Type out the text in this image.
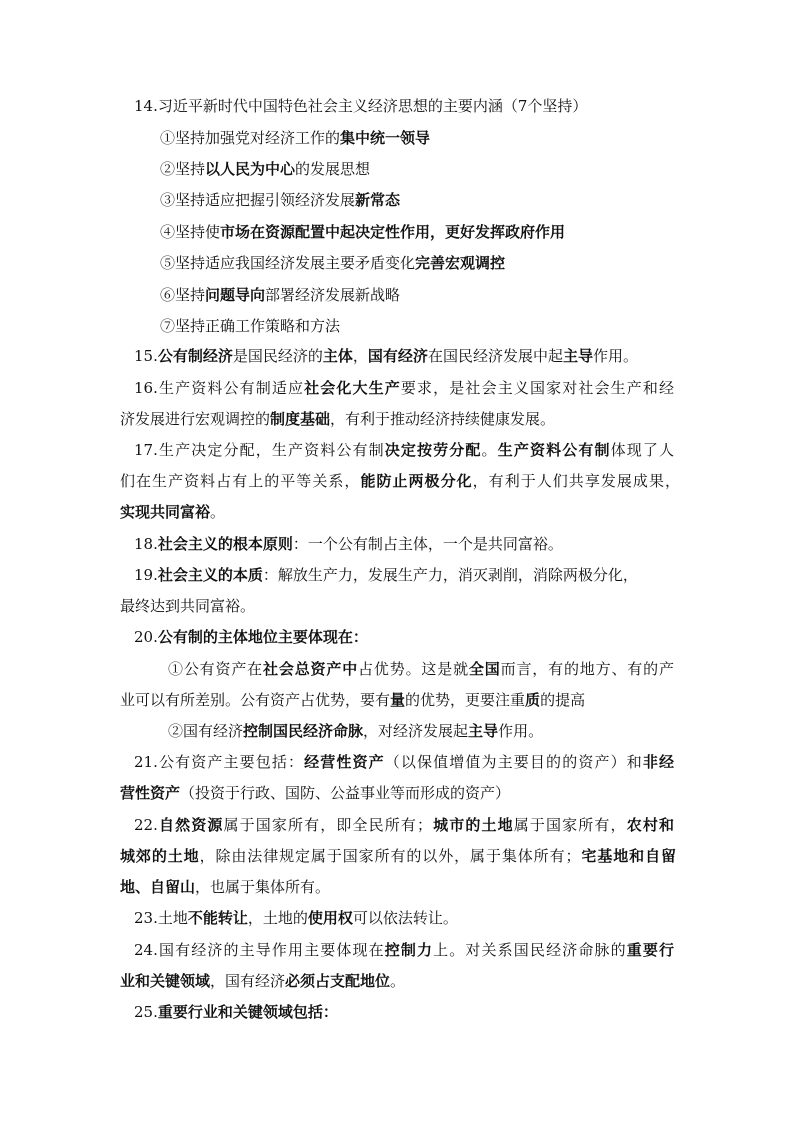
14.习近平新时代中国特色社会主义经济思想的主要内涵（7个坚持）
①坚持加强党对经济工作的集中统一领导
②坚持以人民为中心的发展思想
③坚持适应把握引领经济发展新常态
④坚持使市场在资源配置中起决定性作用，更好发挥政府作用
⑤坚持适应我国经济发展主要矛盾变化完善宏观调控
⑥坚持问题导向部署经济发展新战略
⑦坚持正确工作策略和方法
15.公有制经济是国民经济的主体，国有经济在国民经济发展中起主导作用。
16.生产资料公有制适应社会化大生产要求，是社会主义国家对社会生产和经
济发展进行宏观调控的制度基础，有利于推动经济持续健康发展。
17.生产决定分配，生产资料公有制决定按劳分配。生产资料公有制体现了人
们在生产资料占有上的平等关系，能防止两极分化，有利于人们共享发展成果，
实现共同富裕。
18.社会主义的根本原则：一个公有制占主体，一个是共同富裕。
19.社会主义的本质：解放生产力，发展生产力，消灭剥削，消除两极分化，
最终达到共同富裕。
20.公有制的主体地位主要体现在：
①公有资产在社会总资产中占优势。这是就全国而言，有的地方、有的产
业可以有所差别。公有资产占优势，要有量的优势，更要注重质的提高
②国有经济控制国民经济命脉，对经济发展起主导作用。
21.公有资产主要包括：经营性资产（以保值增值为主要目的的资产）和非经
营性资产（投资于行政、国防、公益事业等而形成的资产）
22.自然资源属于国家所有，即全民所有；城市的土地属于国家所有，农村和
城郊的土地，除由法律规定属于国家所有的以外，属于集体所有；宅基地和自留
地、自留山，也属于集体所有。
23.土地不能转让，土地的使用权可以依法转让。
24.国有经济的主导作用主要体现在控制力上。对关系国民经济命脉的重要行
业和关键领域，国有经济必须占支配地位。
25.重要行业和关键领域包括：
